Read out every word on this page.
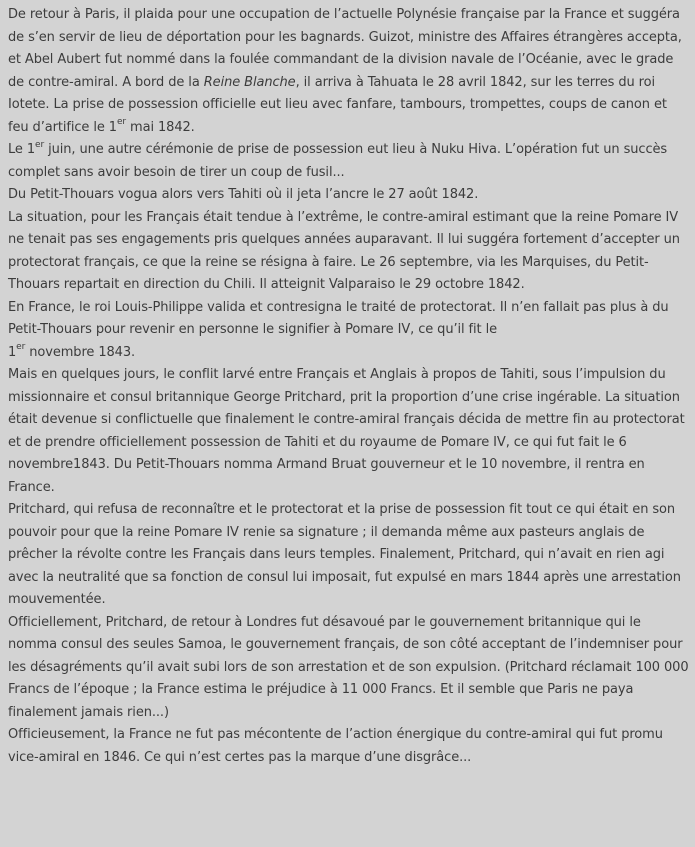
De retour à Paris, il plaida pour une occupation de l’actuelle Polynésie française par la France et suggéra de s’en servir de lieu de déportation pour les bagnards. Guizot, ministre des Affaires étrangères accepta, et Abel Aubert fut nommé dans la foulée commandant de la division navale de l’Océanie, avec le grade de contre-amiral. A bord de la Reine Blanche, il arriva à Tahuata le 28 avril 1842, sur les terres du roi Iotete. La prise de possession officielle eut lieu avec fanfare, tambours, trompettes, coups de canon et feu d’artifice le 1er mai 1842.

Le 1er juin, une autre cérémonie de prise de possession eut lieu à Nuku Hiva. L’opération fut un succès complet sans avoir besoin de tirer un coup de fusil...

Du Petit-Thouars vogua alors vers Tahiti où il jeta l’ancre le 27 août 1842.

La situation, pour les Français était tendue à l’extrême, le contre-amiral estimant que la reine Pomare IV ne tenait pas ses engagements pris quelques années auparavant. Il lui suggéra fortement d’accepter un protectorat français, ce que la reine se résigna à faire. Le 26 septembre, via les Marquises, du Petit-Thouars repartait en direction du Chili. Il atteignit Valparaiso le 29 octobre 1842.

En France, le roi Louis-Philippe valida et contresigna le traité de protectorat. Il n’en fallait pas plus à du Petit-Thouars pour revenir en personne le signifier à Pomare IV, ce qu’il fit le
1er novembre 1843.

Mais en quelques jours, le conflit larvé entre Français et Anglais à propos de Tahiti, sous l’impulsion du missionnaire et consul britannique George Pritchard, prit la proportion d’une crise ingérable. La situation était devenue si conflictuelle que finalement le contre-amiral français décida de mettre fin au protectorat et de prendre officiellement possession de Tahiti et du royaume de Pomare IV, ce qui fut fait le 6 novembre1843. Du Petit-Thouars nomma Armand Bruat gouverneur et le 10 novembre, il rentra en France.

Pritchard, qui refusa de reconnaître et le protectorat et la prise de possession fit tout ce qui était en son pouvoir pour que la reine Pomare IV renie sa signature ; il demanda même aux pasteurs anglais de prêcher la révolte contre les Français dans leurs temples. Finalement, Pritchard, qui n’avait en rien agi avec la neutralité que sa fonction de consul lui imposait, fut expulsé en mars 1844 après une arrestation mouvementée.

Officiellement, Pritchard, de retour à Londres fut désavoué par le gouvernement britannique qui le nomma consul des seules Samoa, le gouvernement français, de son côté acceptant de l’indemniser pour les désagréments qu’il avait subi lors de son arrestation et de son expulsion. (Pritchard réclamait 100 000 Francs de l’époque ; la France estima le préjudice à 11 000 Francs. Et il semble que Paris ne paya finalement jamais rien...)

Officieusement, la France ne fut pas mécontente de l’action énergique du contre-amiral qui fut promu vice-amiral en 1846. Ce qui n’est certes pas la marque d’une disgrâce...
